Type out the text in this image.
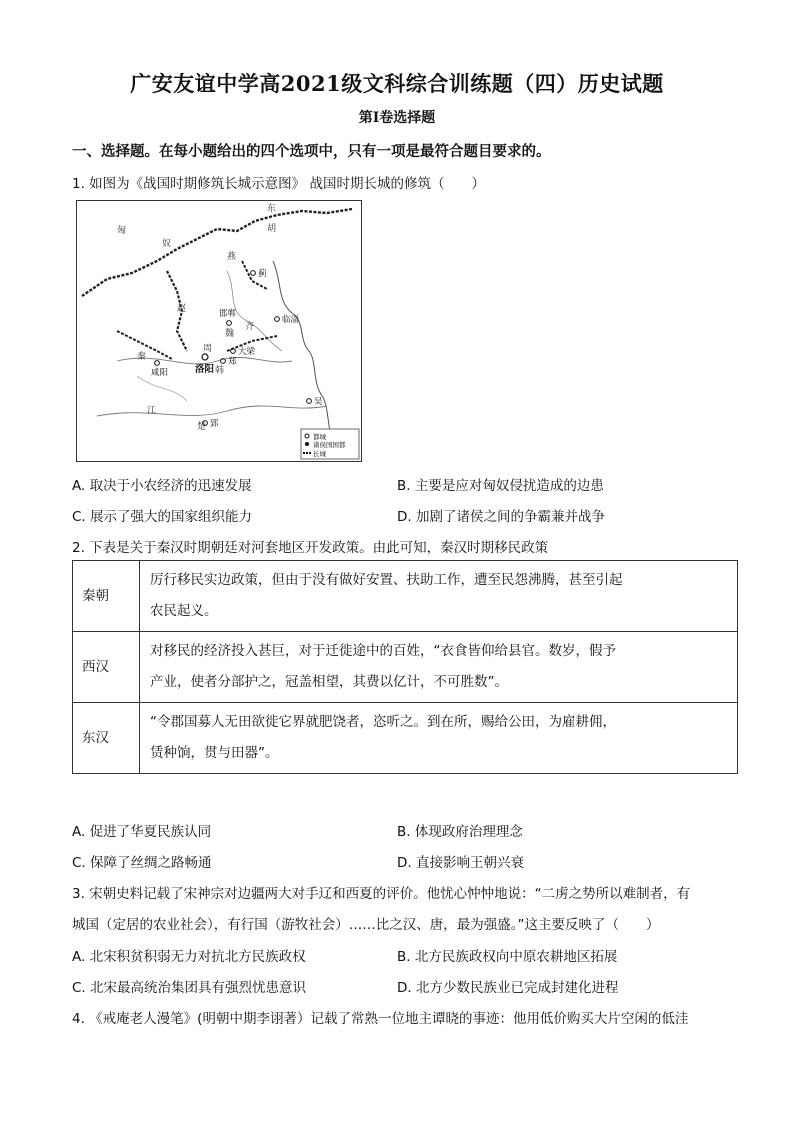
广安友谊中学高2021级文科综合训练题（四）历史试题
第Ⅰ卷选择题
一、选择题。在每小题给出的四个选项中，只有一项是最符合题目要求的。
1. 如图为《战国时期修筑长城示意图》 战国时期长城的修筑（　　）
匈
奴
东
胡
燕
赵
秦
周
韩
齐
魏
楚
江
蓟
邯郸
临淄
大梁
郑
洛阳
咸阳
吴
郢
都城
诸侯国国都
长城
A. 取决于小农经济的迅速发展	B. 主要是应对匈奴侵扰造成的边患
C. 展示了强大的国家组织能力	D. 加剧了诸侯之间的争霸兼并战争
2. 下表是关于秦汉时期朝廷对河套地区开发政策。由此可知，秦汉时期移民政策
秦朝	厉行移民实边政策，但由于没有做好安置、扶助工作，遭至民怨沸腾，甚至引起
农民起义。

西汉	对移民的经济投入甚巨，对于迁徙途中的百姓，“衣食皆仰给县官。数岁，假予
产业，使者分部护之，冠盖相望，其费以亿计，不可胜数”。

东汉	“令郡国募人无田欲徙它界就肥饶者，恣听之。到在所，赐给公田，为雇耕佣，
赁种饷，贯与田器”。
A. 促进了华夏民族认同	B. 体现政府治理理念
C. 保障了丝绸之路畅通	D. 直接影响王朝兴衰
3. 宋朝史料记载了宋神宗对边疆两大对手辽和西夏的评价。他忧心忡忡地说：“二虏之势所以难制者，有
城国（定居的农业社会），有行国（游牧社会）……比之汉、唐，最为强盛。”这主要反映了（　　）
A. 北宋积贫积弱无力对抗北方民族政权	B. 北方民族政权向中原农耕地区拓展
C. 北宋最高统治集团具有强烈忧患意识	D. 北方少数民族业已完成封建化进程
4. 《戒庵老人漫笔》(明朝中期李诩著）记载了常熟一位地主谭晓的事迹：他用低价购买大片空闲的低洼
